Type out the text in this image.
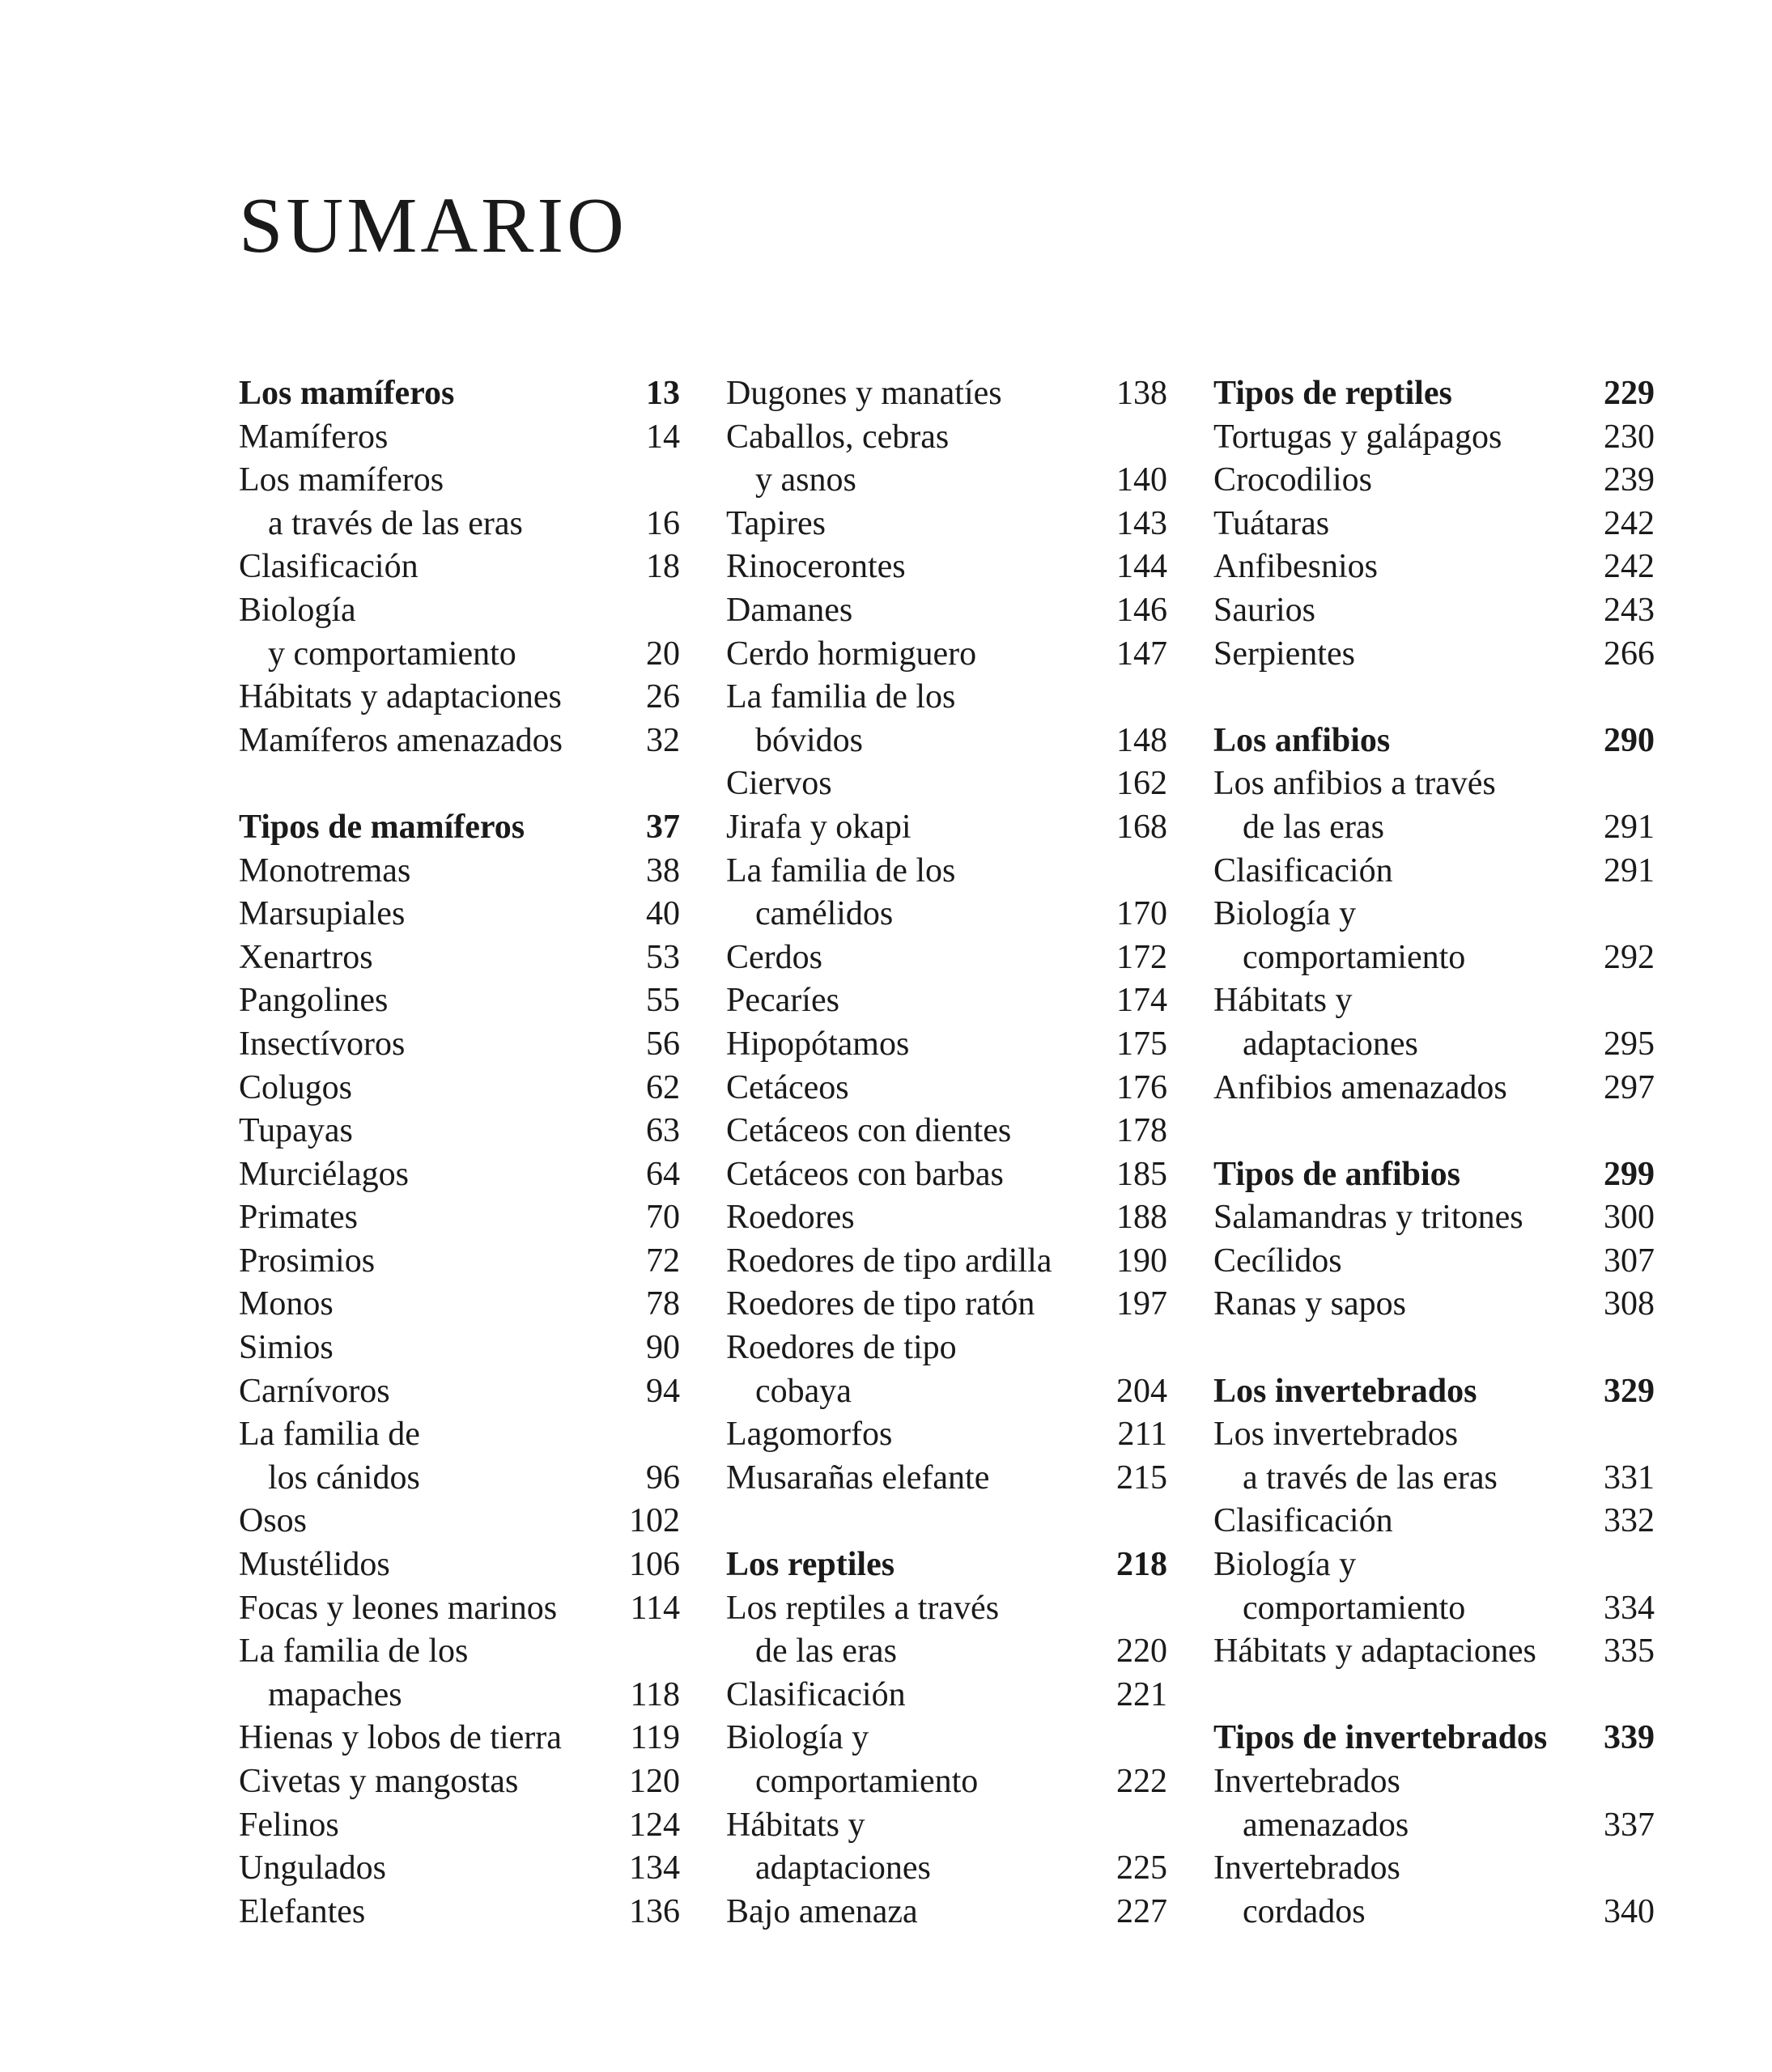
SUMARIO
Los mamíferos	13
Mamíferos	14
Los mamíferos
a través de las eras	16
Clasificación	18
Biología
y comportamiento	20
Hábitats y adaptaciones 26
Mamíferos amenazados 32
Tipos de mamíferos	37
Monotremas	38
Marsupiales	40
Xenartros	53
Pangolines	55
Insectívoros	56
Colugos	62
Tupayas	63
Murciélagos	64
Primates	70
Prosimios	72
Monos	78
Simios	90
Carnívoros	94
La familia de
los cánidos	96
Osos	102
Mustélidos	106
Focas y leones marinos 114
La familia de los
mapaches	118
Hienas y lobos de tierra 119
Civetas y mangostas	120
Felinos	124
Ungulados	134
Elefantes	136
Dugones y manatíes	138
Caballos, cebras
y asnos	140
Tapires	143
Rinocerontes	144
Damanes	146
Cerdo hormiguero	147
La familia de los
bóvidos	148
Ciervos	162
Jirafa y okapi	168
La familia de los
camélidos	170
Cerdos	172
Pecaríes	174
Hipopótamos	175
Cetáceos	176
Cetáceos con dientes	178
Cetáceos con barbas	185
Roedores	188
Roedores de tipo ardilla 190
Roedores de tipo ratón 197
Roedores de tipo
cobaya	204
Lagomorfos	211
Musarañas elefante	215
Los reptiles	218
Los reptiles a través
de las eras	220
Clasificación	221
Biología y
comportamiento	222
Hábitats y
adaptaciones	225
Bajo amenaza	227
Tipos de reptiles	229
Tortugas y galápagos	230
Crocodilios	239
Tuátaras	242
Anfibesnios	242
Saurios	243
Serpientes	266
Los anfibios	290
Los anfibios a través
de las eras	291
Clasificación	291
Biología y
comportamiento	292
Hábitats y
adaptaciones	295
Anfibios amenazados	297
Tipos de anfibios	299
Salamandras y tritones 300
Cecílidos	307
Ranas y sapos	308
Los invertebrados	329
Los invertebrados
a través de las eras	331
Clasificación	332
Biología y
comportamiento	334
Hábitats y adaptaciones 335
Tipos de invertebrados 339
Invertebrados
amenazados	337
Invertebrados
cordados	340
